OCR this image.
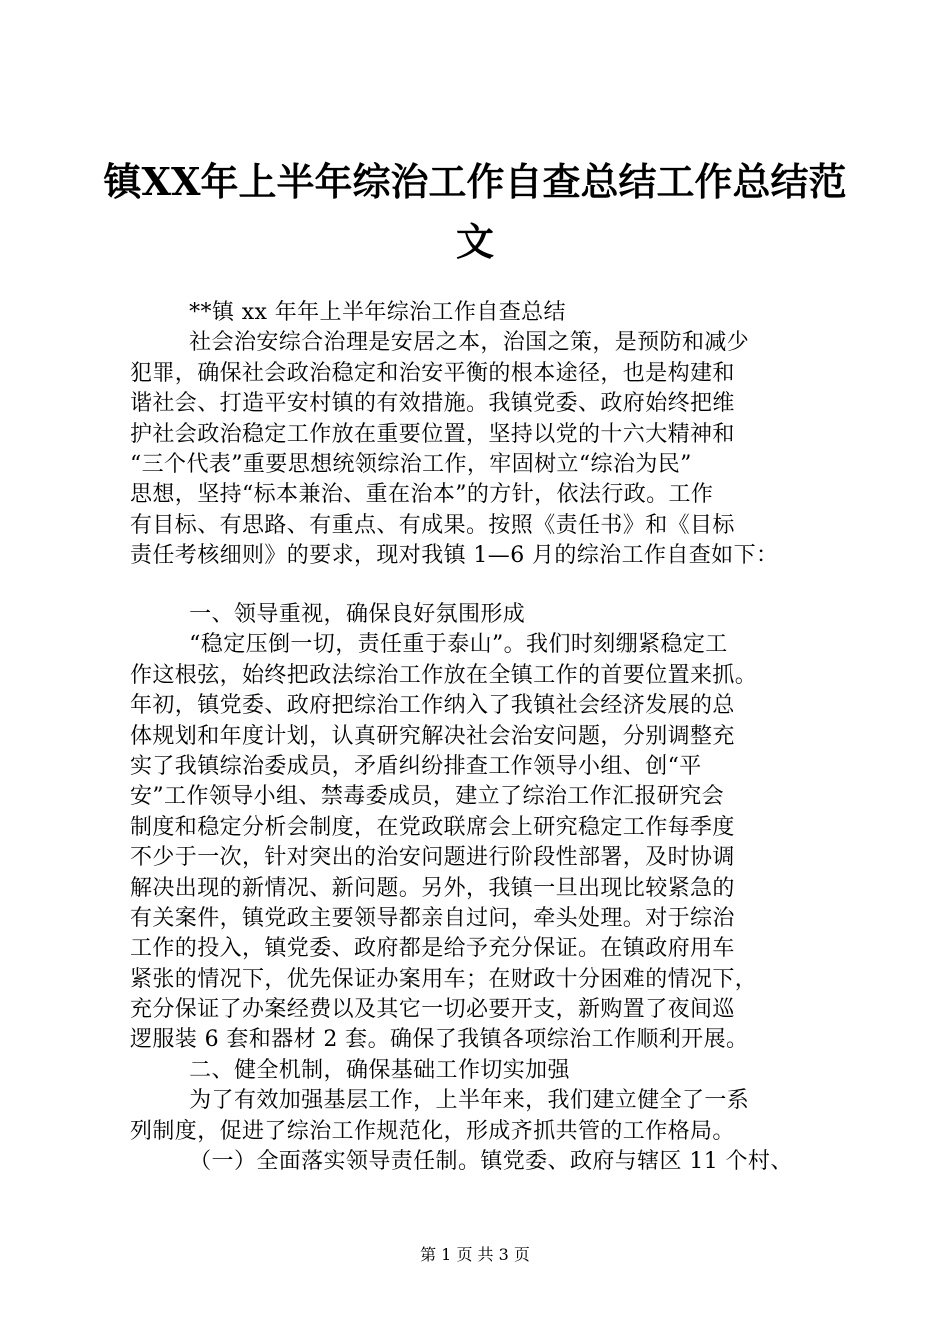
镇XX年上半年综治工作自查总结工作总结范
文
**镇 xx 年年上半年综治工作自查总结
社会治安综合治理是安居之本，治国之策，是预防和减少
犯罪，确保社会政治稳定和治安平衡的根本途径，也是构建和
谐社会、打造平安村镇的有效措施。我镇党委、政府始终把维
护社会政治稳定工作放在重要位置，坚持以党的十六大精神和
“三个代表”重要思想统领综治工作，牢固树立“综治为民”
思想，坚持“标本兼治、重在治本”的方针，依法行政。工作
有目标、有思路、有重点、有成果。按照《责任书》和《目标
责任考核细则》的要求，现对我镇 1—6 月的综治工作自查如下：
一、领导重视，确保良好氛围形成
“稳定压倒一切，责任重于泰山”。我们时刻绷紧稳定工
作这根弦，始终把政法综治工作放在全镇工作的首要位置来抓。
年初，镇党委、政府把综治工作纳入了我镇社会经济发展的总
体规划和年度计划，认真研究解决社会治安问题，分别调整充
实了我镇综治委成员，矛盾纠纷排查工作领导小组、创“平
安”工作领导小组、禁毒委成员，建立了综治工作汇报研究会
制度和稳定分析会制度，在党政联席会上研究稳定工作每季度
不少于一次，针对突出的治安问题进行阶段性部署，及时协调
解决出现的新情况、新问题。另外，我镇一旦出现比较紧急的
有关案件，镇党政主要领导都亲自过问，牵头处理。对于综治
工作的投入，镇党委、政府都是给予充分保证。在镇政府用车
紧张的情况下，优先保证办案用车；在财政十分困难的情况下，
充分保证了办案经费以及其它一切必要开支，新购置了夜间巡
逻服装 6 套和器材 2 套。确保了我镇各项综治工作顺利开展。
二、健全机制，确保基础工作切实加强
为了有效加强基层工作，上半年来，我们建立健全了一系
列制度，促进了综治工作规范化，形成齐抓共管的工作格局。
（一）全面落实领导责任制。镇党委、政府与辖区 11 个村、
第 1 页 共 3 页
